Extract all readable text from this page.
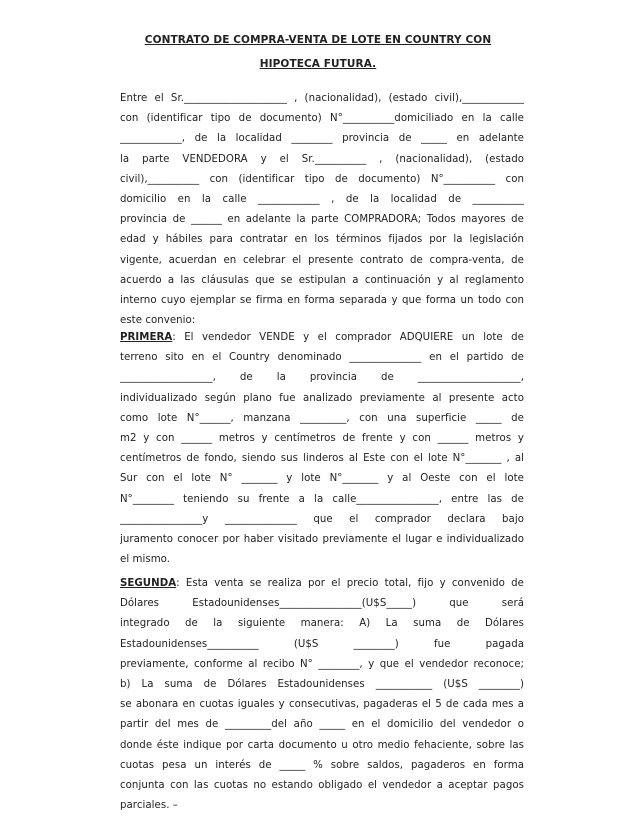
CONTRATO DE COMPRA-VENTA DE LOTE EN COUNTRY CON
HIPOTECA FUTURA.

Entre el Sr.____________________ , (nacionalidad), (estado civil),____________

con (identificar tipo de documento) N°__________domiciliado en la calle

____________, de la localidad ________ provincia de _____ en adelante

la parte VENDEDORA y el Sr.__________ , (nacionalidad), (estado

civil),__________ con (identificar tipo de documento) N°__________ con

domicilio en la calle ____________ , de la localidad de __________

provincia de ______ en adelante la parte COMPRADORA; Todos mayores de

edad y hábiles para contratar en los términos fijados por la legislación

vigente, acuerdan en celebrar el presente contrato de compra-venta, de

acuerdo a las cláusulas que se estipulan a continuación y al reglamento

interno cuyo ejemplar se firma en forma separada y que forma un todo con

este convenio:

PRIMERA: El vendedor VENDE y el comprador ADQUIERE un lote de

terreno sito en el Country denominado ______________ en el partido de

__________________, de la provincia de ____________________,

individualizado según plano fue analizado previamente al presente acto

como lote N°______, manzana _________, con una superficie _____ de

m2 y con ______ metros y centímetros de frente y con ______ metros y

centímetros de fondo, siendo sus linderos al Este con el lote N°_______ , al

Sur con el lote N° _______ y lote N°_______ y al Oeste con el lote

N°________ teniendo su frente a la calle________________, entre las de

________________y ______________ que el comprador declara bajo

juramento conocer por haber visitado previamente el lugar e individualizado

el mismo.

SEGUNDA: Esta venta se realiza por el precio total, fijo y convenido de

Dólares Estadounidenses________________(U$S_____) que será

integrado de la siguiente manera: A) La suma de Dólares

Estadounidenses__________ (U$S ________) fue pagada

previamente, conforme al recibo N° ________, y que el vendedor reconoce;

b) La suma de Dólares Estadounidenses ___________ (U$S ________)

se abonara en cuotas iguales y consecutivas, pagaderas el 5 de cada mes a

partir del mes de _________del año _____ en el domicilio del vendedor o

donde éste indique por carta documento u otro medio fehaciente, sobre las

cuotas pesa un interés de _____ % sobre saldos, pagaderos en forma

conjunta con las cuotas no estando obligado el vendedor a aceptar pagos

parciales. –
